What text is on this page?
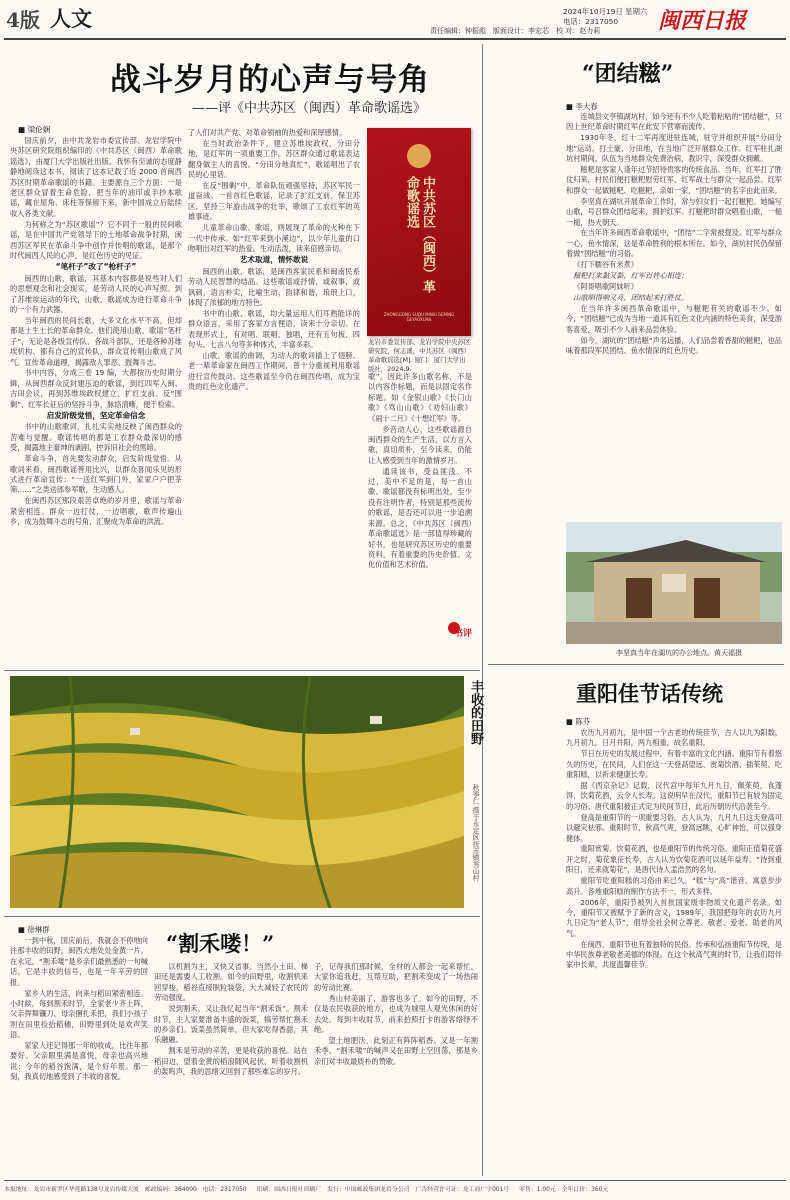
4版 人文	2024年10月19日 星期六
电话：2317050
责任编辑：钟振彪　版面设计：李宏芯　校 对：赵力莉	闽西日报
战斗岁月的心声与号角
——评《中共苏区（闽西）革命歌谣选》
■ 梁伦娴

国庆前夕，由中共龙岩市委宣传部、龙岩学院中央苏区研究院组织编印的《中共苏区（闽西）革命歌谣选》，由厦门大学出版社出版。我怀有至诚的态度静静地阅读这本书，阅读了这本记载了近 2000 首闽西苏区时期革命歌谣的书籍。主要源自三个方面：一是老区群众冒着生命危险，把当年的油印或手抄本歌谣，藏在屋角、床柱等保留下来，新中国成立后陆续收入各类文献。

为何称之为“苏区歌谣”？它不同于一般的民间歌谣，是在中国共产党领导下的土地革命战争时期，闽西苏区军民在革命斗争中创作并传唱的歌谣，是那个时代闽西人民的心声，是红色历史的见证。

“笔杆子”改了“枪杆子”

闽西的山歌、歌谣，其基本内容都是说些对人们的思想观念和社会现实，是劳动人民的心声写照。到了苏维埃运动的年代，山歌、歌谣成为进行革命斗争的一个有力武器。

当年闽西的民间长歌，大多文化水平不高，但却都是土生土长的革命群众。他们使用山歌、歌谣“笔杆子”，无论是各级宣传队、各战斗部队，还是各种苏维埃机构、都有自己的宣传队，群众宣传唱山歌成了风气。宣传革命道理，揭露敌人罪恶，鼓舞斗志。

书中内容，分成三卷 19 编，大都按历史时期分辑，从闽西群众反封建压迫的歌谣，到红四军入闽、古田会议，再到苏维埃政权建立、扩红支前、反“围剿”、红军长征后的坚持斗争，脉络清晰，便于检索。

启发阶级觉悟，坚定革命信念

书中的山歌歌词，扎扎实实地反映了闽西群众的苦难与觉醒。歌谣传唱的都是工农群众最深切的感受，揭露地主豪绅的剥削，控诉旧社会的黑暗。

革命斗争，首先要发动群众，启发阶级觉悟。从歌词来看，闽西歌谣善用比兴，以群众喜闻乐见的形式进行革命宣传：“一送红军到门外，家家户户把茶筛……”之类送郎参军歌，生动感人。

在闽西苏区那段艰苦卓绝的岁月里，歌谣与革命紧密相连。群众一边打仗，一边唱歌，歌声传遍山乡，成为鼓舞斗志的号角，汇聚成为革命的洪流。

了人们对共产党、对革命领袖的热爱和深厚感情。

在当时政治条件下，建立苏维埃政权，分田分地，是红军的一项重要工作。苏区群众通过歌谣表达翻身做主人的喜悦。“分田分地真忙”，歌谣唱出了农民的心里话。

在反“围剿”中，革命队伍顽强坚持，苏区军民一道奋战。一首首红色歌谣，记录了扩红支前、保卫苏区、坚持三年游击战争的壮举，歌颂了工农红军的英雄事迹。

儿童革命山歌、歌谣，则展现了革命的火种在下一代中传承。如“红军来到小溪边”，以少年儿童的口吻唱出对红军的热爱，生动活泼，读来倍感亲切。

艺术取道，情怀敢说

闽西的山歌、歌谣，是闽西客家民系和闽南民系劳动人民智慧的结晶。这些歌谣或抒情，或叙事，或讽刺，语言朴实，比喻生动，韵律和谐，琅琅上口，体现了浓郁的地方特色。

书中的山歌、歌谣，均大量运用人们耳熟能详的群众语言，采用了客家方言俚语，读来十分亲切。在表现形式上，有对唱、联唱、独唱，还有五句板、四句头、七言八句等多种体式，丰富多彩。

山歌、歌谣的曲调，为动人的歌词插上了翅膀。老一辈革命家在闽西工作期间，曾十分重视利用歌谣进行宣传鼓动。这些歌谣至今仍在闽西传唱，成为宝贵的红色文化遗产。

中共苏区（闽西）革命歌谣选
ZHONGGONG SUQU MINXI GEMING GEYAOXUAN
龙岩市委宣传部、龙岩学院中央苏区研究院，何志溪，中共苏区（闽西）革命歌谣选[M]. 厦门：厦门大学出版社，2024.9.

歌”。因此许多山歌名称，不是以内容作标题，而是以固定名作标题。如《金银山歌》《长门山歌》《骂山山歌》《劝妇山歌》《闹十二月》《十想红军》等。

乡音动人心，这些歌谣源自闽西群众的生产生活，以方言入歌，真切质朴，至今读来，仍能让人感受到当年的激情岁月。

通读该书，受益匪浅。不过，美中不足的是，每一首山歌、歌谣都没有标明出处，至少没有注明作者，特别是那些流传的歌谣，是否还可以进一步追溯来源。总之，《中共苏区（闽西）革命歌谣选》是一部值得珍藏的好书，也是研究苏区历史的重要资料，有着重要的历史价值、文化价值和艺术价值。

书评
“团结糍”
■ 李大春

连城县文亨镇湖坑村，如今还有不少人吃着粘粘的“团结糍”，只因上世纪革命时期红军在此安下营寨而流传。

1930年冬，红十二军再度进驻连城，驻守并组织开展“分田分地”运动。打土豪、分田地，在当地广泛开展群众工作。红军驻扎湖坑村期间，队伍为当地群众免费治病，教识字，深受群众拥戴。

糍粑是客家人逢年过节招待贵客的传统食品。当年，红军打了胜仗归来，村民们便打糍粑慰劳红军，红军战士与群众一起品尝。红军和群众一起做糍粑、吃糍粑，亲如一家，“团结糍”的名字由此而来。

李坚真在湖坑开展革命工作时，常与妇女们一起打糍粑。她编写山歌，号召群众团结起来，拥护红军。打糍粑时群众唱着山歌，一槌一槌，热火朝天。

在当年许多闽西革命歌谣中，“团结”二字常被提及。红军与群众一心，鱼水情深，这是革命胜利的根本所在。如今，湖坑村民仍保留着做“团结糍”的习俗。

《打下糯谷有米煮》

糍粑打来黏又黏，红军百姓心相连；

《阿哥唱歌阿妹听》

山歌唱得响又亮，团结起来打胜仗。

在当年许多闽西革命歌谣中，与糍粑有关的歌谣不少。如今，“团结糍”已成为当地一道具有红色文化内涵的特色美食，深受游客喜爱，吸引不少人前来品尝体验。

如今，湖坑的“团结糍”声名远播，人们品尝着香甜的糍粑，也品味着那段军民团结、鱼水情深的红色历史。

李坚真当年在湖坑的办公地点。黄天福摄
重阳佳节话传统
■ 陈芬

农历九月初九，是中国一个古老的传统佳节，古人以九为阳数，九月初九，日月并阳，两九相重，故名重阳。

节日在历史的发展过程中，有着丰富的文化内涵。重阳节有着悠久的历史，在民间，人们在这一天登高望远、赏菊饮酒、插茱萸、吃重阳糕，以祈求健康长寿。

据《西京杂记》记载，汉代宫中每年九月九日，佩茱萸，食蓬饵，饮菊花酒，云令人长寿。这说明早在汉代，重阳节已有较为固定的习俗。唐代重阳被正式定为民间节日，此后历朝历代沿袭至今。

登高是重阳节的一项重要习俗。古人认为，九月九日这天登高可以避灾祛邪。重阳时节，秋高气爽，登高远眺，心旷神怡，可以强身健体。

重阳赏菊、饮菊花酒，也是重阳节的传统习俗。重阳正值菊花盛开之时，菊花象征长寿，古人认为饮菊花酒可以延年益寿。“待到重阳日，还来就菊花”，是唐代诗人孟浩然的名句。

重阳节吃重阳糕的习俗由来已久。“糕”与“高”谐音，寓意步步高升。各地重阳糕的制作方法不一，形式多样。

2006年，重阳节被列入首批国家级非物质文化遗产名录。如今，重阳节又被赋予了新的含义，1989年，我国把每年的农历九月九日定为“老人节”，倡导全社会树立尊老、敬老、爱老、助老的风气。

在闽西，重阳节也有着独特的民俗。传承和弘扬重阳节传统，是中华民族尊老敬老美德的体现。在这个秋高气爽的时节，让我们陪伴家中长辈，共度温馨佳节。

丰收的田野
秋季仁 摄于永定区抚市镇秀山村
■ 徐琳群
“割禾喽！”

一到中秋，国庆前后，我就会不停地向往那丰收的田野，闽西大地处处金黄一片。在永定，“割禾喽”是乡亲们最熟悉的一句喊话，它是丰收的信号，也是一年辛劳的回报。

家乡人的生活，向来与稻田紧密相连。小时候，每到割禾时节，全家老少齐上阵，父亲挥舞镰刀，母亲捆扎禾把，我们小孩子则在田里捡拾稻穗，田野里到处是欢声笑语。

家家人还记得那一年的收成，比往年都要好。父亲眼里满是喜悦，母亲也高兴地说：今年的稻谷饱满，是个好年景。那一刻，我真切地感受到了丰收的喜悦。

以机割为主，又快又省事。当然小土田、梯田还是需要人工收割。如今的田野里，收割机来回穿梭，稻谷直接脱粒装袋，大大减轻了农民的劳动强度。

说到割禾，又让我忆起当年“割禾饭”。割禾时节，主人家要准备丰盛的饭菜，犒劳帮忙割禾的乡亲们。饭菜虽然简单，但大家吃得香甜，其乐融融。

割禾是劳动的辛苦，更是收获的喜悦。站在稻田边，望着金黄的稻浪随风起伏，听着收割机的轰鸣声，我的思绪又回到了那些难忘的岁月。

子，记得我们那时候，全村的人都会一起来帮忙，大家你追我赶，互帮互助，把割禾变成了一场热闹的劳动比赛。

秀山村美丽了，游客也多了。如今的田野，不仅是农民收获的地方，也成为城里人观光休闲的好去处。每到丰收时节，前来拍照打卡的游客络绎不绝。

望土地肥沃，此刻正有阵阵稻香。又是一年割禾季，“割禾喽”的喊声又在田野上空回荡，那是乡亲们对丰收最质朴的赞歌。

本报地址：龙岩市新罗区华莲路138号龙岩传媒大厦　邮政编码：364000　电话：2317050 印刷：闽西日报社印刷厂　发行：中国邮政集团龙岩分公司　广告经营许可证：龙工商广字001号 零售：1.00元　全年订价：360元
